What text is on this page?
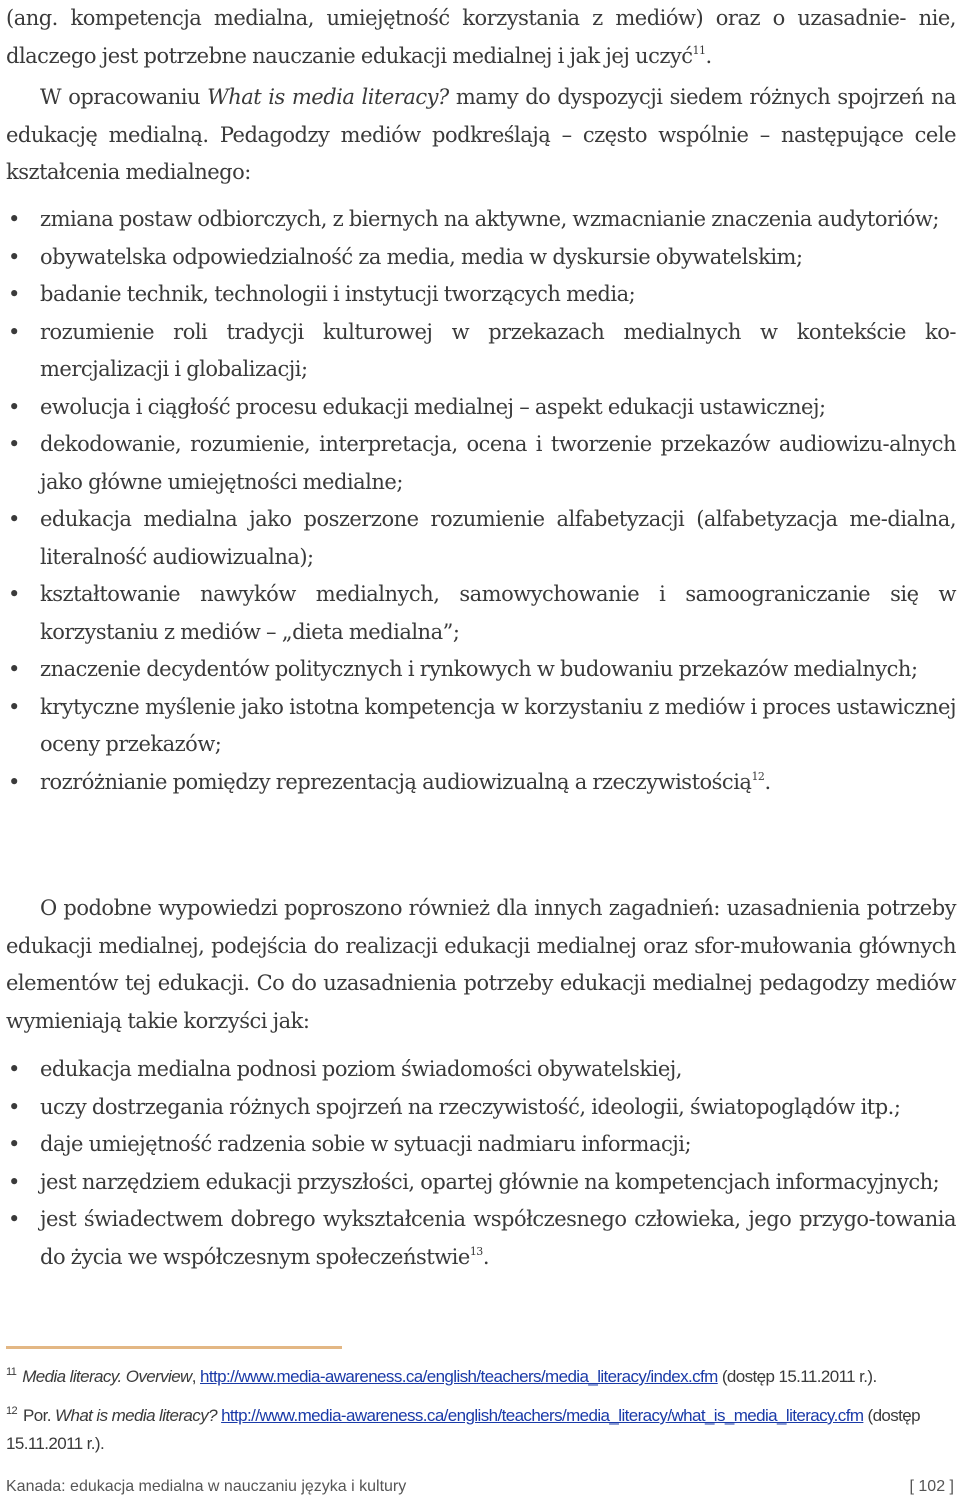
(ang. kompetencja medialna, umiejętność korzystania z mediów) oraz o uzasadnie- nie, dlaczego jest potrzebne nauczanie edukacji medialnej i jak jej uczyć$^{11}$.

W opracowaniu What is media literacy? mamy do dyspozycji siedem różnych spojrzeń na edukację medialną. Pedagodzy mediów podkreślają – często wspólnie – następujące cele kształcenia medialnego:

• zmiana postaw odbiorczych, z biernych na aktywne, wzmacnianie znaczenia audytoriów;
• obywatelska odpowiedzialność za media, media w dyskursie obywatelskim;
• badanie technik, technologii i instytucji tworzących media;
• rozumienie roli tradycji kulturowej w przekazach medialnych w kontekście ko-mercjalizacji i globalizacji;
• ewolucja i ciągłość procesu edukacji medialnej – aspekt edukacji ustawicznej;
• dekodowanie, rozumienie, interpretacja, ocena i tworzenie przekazów audiowizu-alnych jako główne umiejętności medialne;
• edukacja medialna jako poszerzone rozumienie alfabetyzacji (alfabetyzacja me-dialna, literalność audiowizualna);
• kształtowanie nawyków medialnych, samowychowanie i samoograniczanie się w korzystaniu z mediów – „dieta medialna”;
• znaczenie decydentów politycznych i rynkowych w budowaniu przekazów medialnych;
• krytyczne myślenie jako istotna kompetencja w korzystaniu z mediów i proces ustawicznej oceny przekazów;
• rozróżnianie pomiędzy reprezentacją audiowizualną a rzeczywistością$^{12}$.

O podobne wypowiedzi poproszono również dla innych zagadnień: uzasadnienia potrzeby edukacji medialnej, podejścia do realizacji edukacji medialnej oraz sfor-mułowania głównych elementów tej edukacji. Co do uzasadnienia potrzeby edukacji medialnej pedagodzy mediów wymieniają takie korzyści jak:

• edukacja medialna podnosi poziom świadomości obywatelskiej,
• uczy dostrzegania różnych spojrzeń na rzeczywistość, ideologii, światopoglądów itp.;
• daje umiejętność radzenia sobie w sytuacji nadmiaru informacji;
• jest narzędziem edukacji przyszłości, opartej głównie na kompetencjach informacyjnych;
• jest świadectwem dobrego wykształcenia współczesnego człowieka, jego przygo-towania do życia we współczesnym społeczeństwie$^{13}$.

$^{11}$ Media literacy. Overview, http://www.media-awareness.ca/english/teachers/media_literacy/index.cfm (dostęp 15.11.2011 r.).

$^{12}$ Por. What is media literacy? http://www.media-awareness.ca/english/teachers/media_literacy/what_is_media_literacy.cfm (dostęp 15.11.2011 r.).

Kanada: edukacja medialna w nauczaniu języka i kultury	[ 102 ]
